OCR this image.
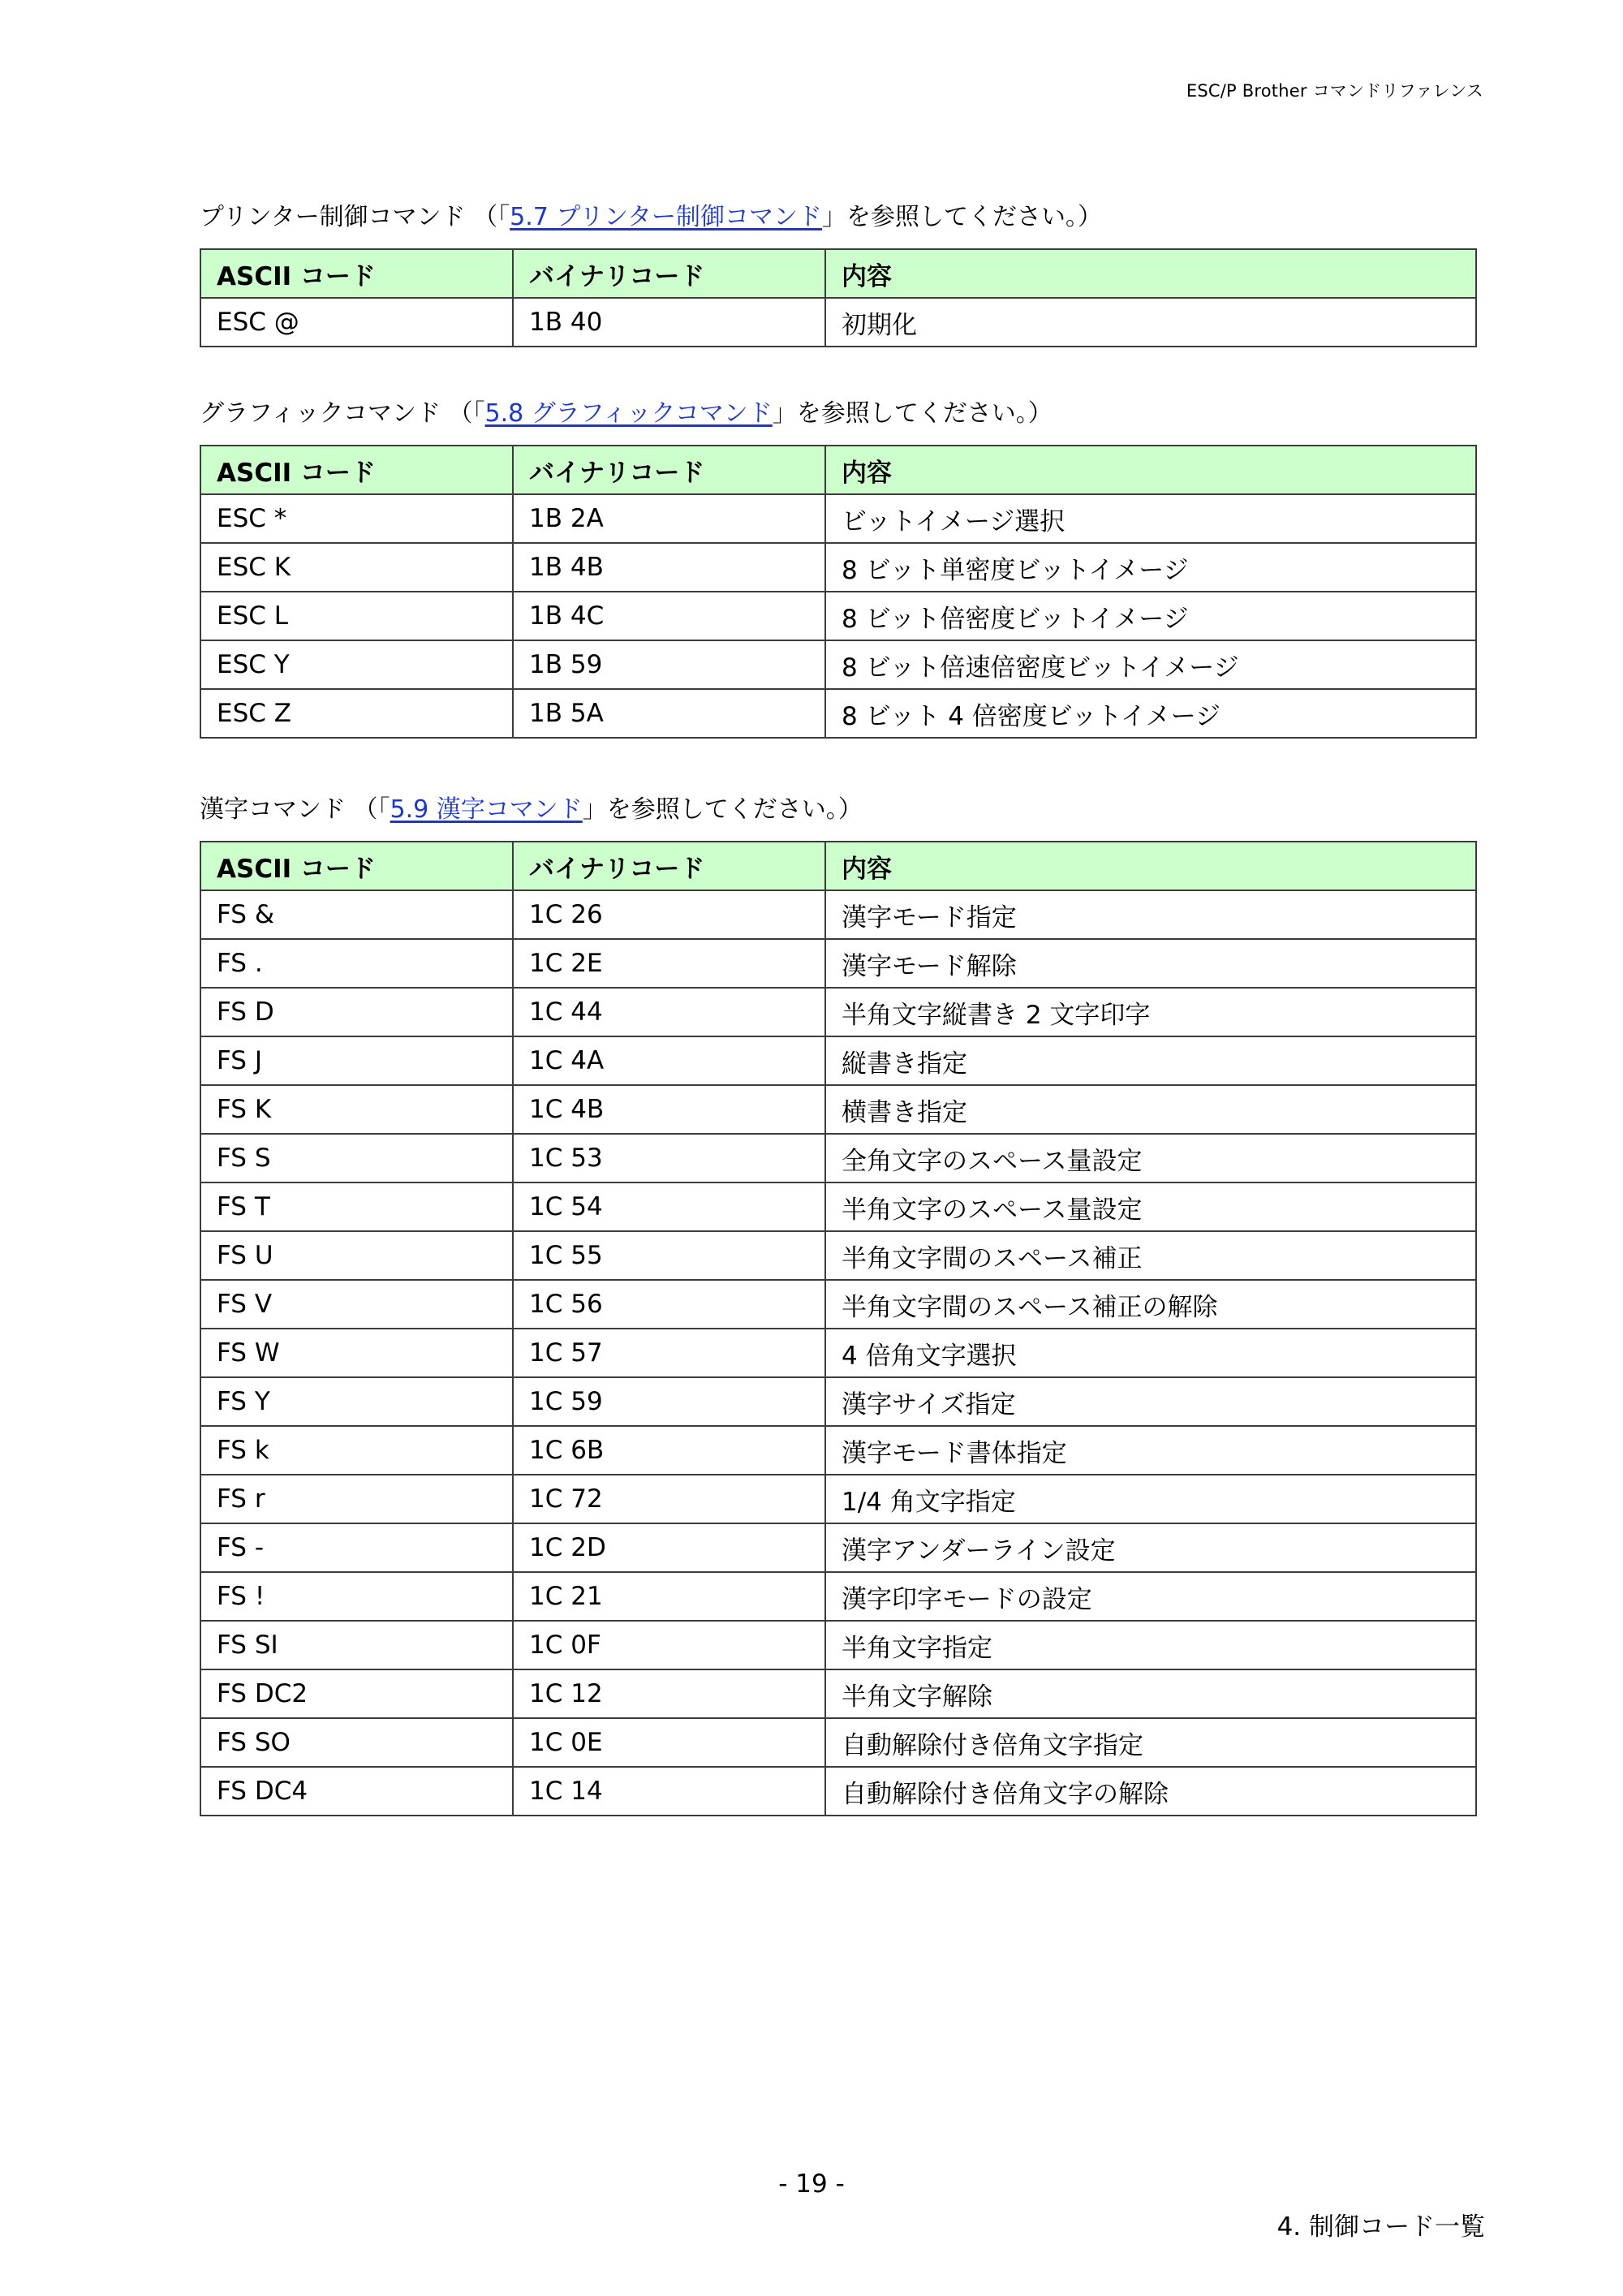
ESC/P Brother コマンドリファレンス
プリンター制御コマンド （「5.7 プリンター制御コマンド」を参照してください。）
ASCII コード	バイナリコード	内容
ESC @	1B 40	初期化
グラフィックコマンド （「5.8 グラフィックコマンド」を参照してください。）
ASCII コード	バイナリコード	内容
ESC *	1B 2A	ビットイメージ選択
ESC K	1B 4B	8 ビット単密度ビットイメージ
ESC L	1B 4C	8 ビット倍密度ビットイメージ
ESC Y	1B 59	8 ビット倍速倍密度ビットイメージ
ESC Z	1B 5A	8 ビット 4 倍密度ビットイメージ
漢字コマンド （「5.9 漢字コマンド」を参照してください。）
ASCII コード	バイナリコード	内容
FS &	1C 26	漢字モード指定
FS .	1C 2E	漢字モード解除
FS D	1C 44	半角文字縦書き 2 文字印字
FS J	1C 4A	縦書き指定
FS K	1C 4B	横書き指定
FS S	1C 53	全角文字のスペース量設定
FS T	1C 54	半角文字のスペース量設定
FS U	1C 55	半角文字間のスペース補正
FS V	1C 56	半角文字間のスペース補正の解除
FS W	1C 57	4 倍角文字選択
FS Y	1C 59	漢字サイズ指定
FS k	1C 6B	漢字モード書体指定
FS r	1C 72	1/4 角文字指定
FS -	1C 2D	漢字アンダーライン設定
FS !	1C 21	漢字印字モードの設定
FS SI	1C 0F	半角文字指定
FS DC2	1C 12	半角文字解除
FS SO	1C 0E	自動解除付き倍角文字指定
FS DC4	1C 14	自動解除付き倍角文字の解除
- 19 -
4. 制御コード一覧
